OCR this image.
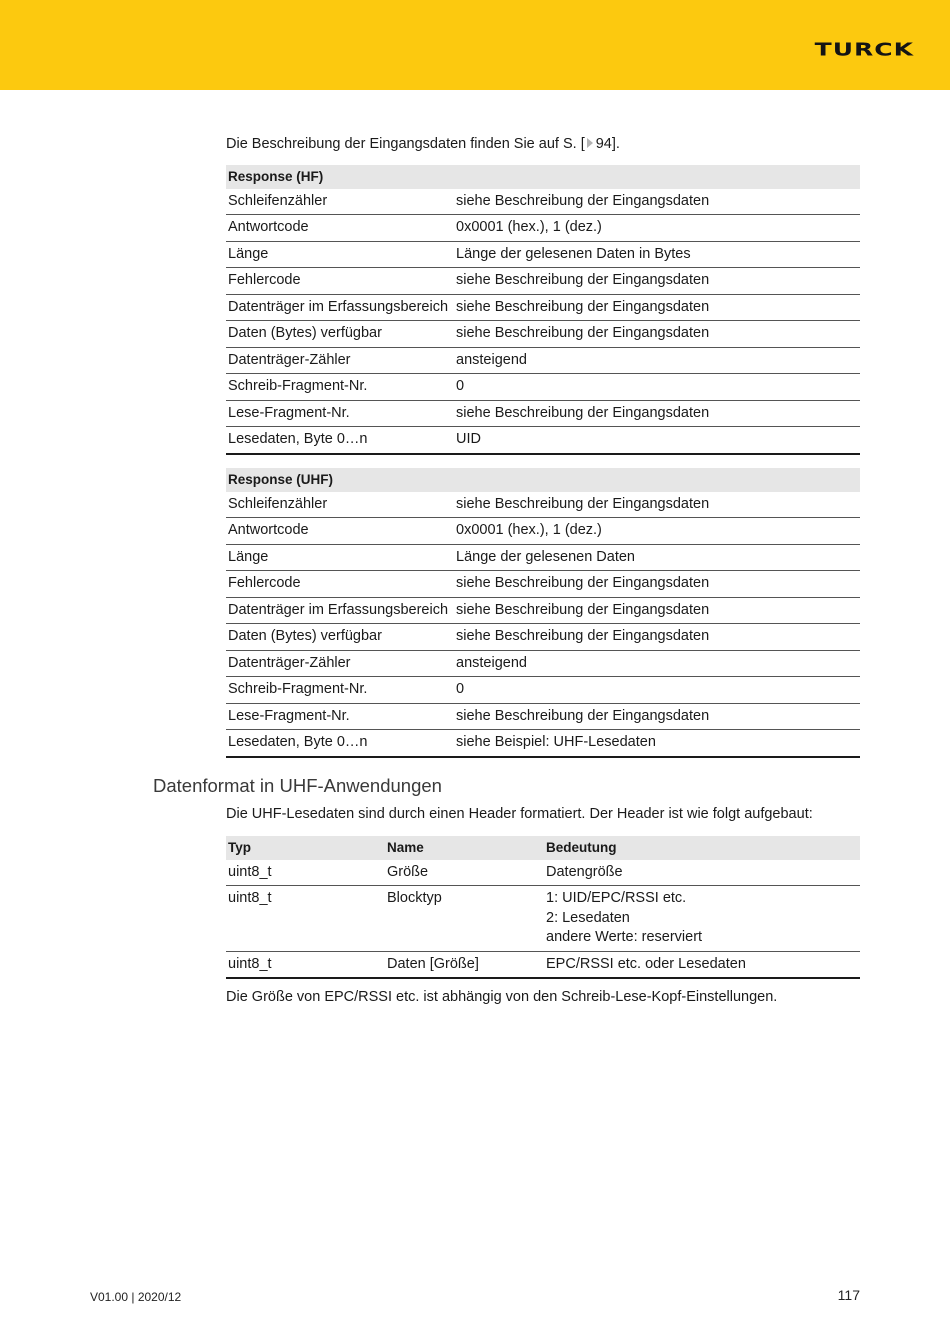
TURCK
Die Beschreibung der Eingangsdaten finden Sie auf S. [ 94].
Response (HF)	
Schleifenzähler	siehe Beschreibung der Eingangsdaten
Antwortcode	0x0001 (hex.), 1 (dez.)
Länge	Länge der gelesenen Daten in Bytes
Fehlercode	siehe Beschreibung der Eingangsdaten
Datenträger im Erfassungsbereich	siehe Beschreibung der Eingangsdaten
Daten (Bytes) verfügbar	siehe Beschreibung der Eingangsdaten
Datenträger-Zähler	ansteigend
Schreib-Fragment-Nr.	0
Lese-Fragment-Nr.	siehe Beschreibung der Eingangsdaten
Lesedaten, Byte 0…n	UID
Response (UHF)	
Schleifenzähler	siehe Beschreibung der Eingangsdaten
Antwortcode	0x0001 (hex.), 1 (dez.)
Länge	Länge der gelesenen Daten
Fehlercode	siehe Beschreibung der Eingangsdaten
Datenträger im Erfassungsbereich	siehe Beschreibung der Eingangsdaten
Daten (Bytes) verfügbar	siehe Beschreibung der Eingangsdaten
Datenträger-Zähler	ansteigend
Schreib-Fragment-Nr.	0
Lese-Fragment-Nr.	siehe Beschreibung der Eingangsdaten
Lesedaten, Byte 0…n	siehe Beispiel: UHF-Lesedaten
Datenformat in UHF-Anwendungen
Die UHF-Lesedaten sind durch einen Header formatiert. Der Header ist wie folgt aufgebaut:
Typ	Name	Bedeutung
uint8_t	Größe	Datengröße
uint8_t	Blocktyp	1: UID/EPC/RSSI etc.
2: Lesedaten
andere Werte: reserviert

uint8_t	Daten [Größe]	EPC/RSSI etc. oder Lesedaten
Die Größe von EPC/RSSI etc. ist abhängig von den Schreib-Lese-Kopf-Einstellungen.
V01.00 | 2020/12	117
